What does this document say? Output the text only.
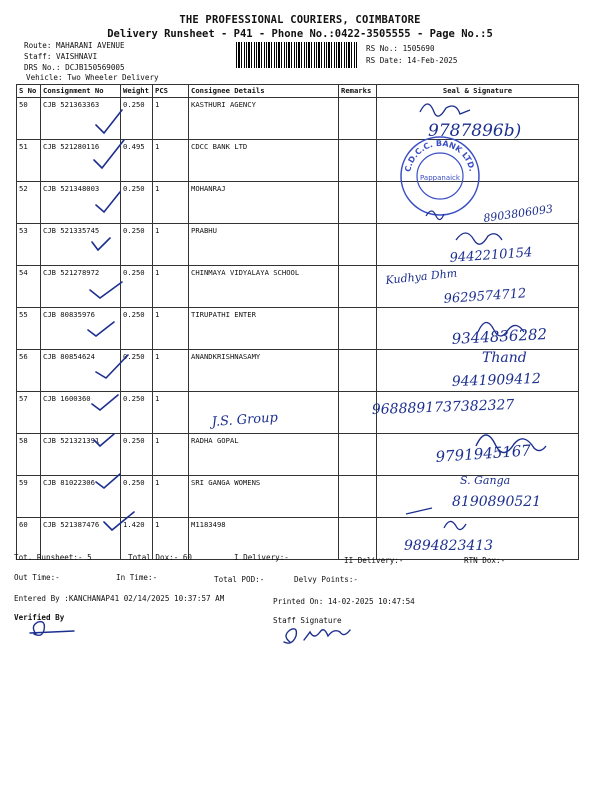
THE PROFESSIONAL COURIERS, COIMBATORE
Delivery Runsheet - P41 - Phone No.:0422-3505555 - Page No.:5
Route: MAHARANI AVENUE
Staff: VAISHNAVI
DRS No.: DCJB150569005
Vehicle: Two Wheeler Delivery
RS No.: 1505690
RS Date: 14-Feb-2025
S No	Consignment No	Weight	PCS	Consignee Details	Remarks	Seal & Signature
50	CJB 521363363	0.250	1	KASTHURI AGENCY		
51	CJB 521280116	0.495	1	CDCC BANK LTD		
52	CJB 521348003	0.250	1	MOHANRAJ		
53	CJB 521335745	0.250	1	PRABHU		
54	CJB 521278972	0.250	1	CHINMAYA VIDYALAYA SCHOOL		
55	CJB 80835976	0.250	1	TIRUPATHI ENTER		
56	CJB 80854624	0.250	1	ANANDKRISHNASAMY		
57	CJB 1600360	0.250	1			
58	CJB 521321391	0.250	1	RADHA GOPAL		
59	CJB 81022306	0.250	1	SRI GANGA WOMENS		
60	CJB 521387476	1.420	1	M1183498		
C.D.C.C. BANK LTD.
Pappanaick
9787896b)
8903806093
9442210154
Kudhya Dhm
9629574712
9344836282
Thand
9441909412
9688891737382327
J.S. Group
9791945167
S. Ganga
8190890521
9894823413
Tot. Runsheet:- 5	Total Dox:- 60	I Delivery:-	II Delivery:-	RTN Dox:-
Out Time:-	In Time:-	Total POD:-	Delvy Points:-
Entered By :KANCHANAP41 02/14/2025 10:37:57 AM	Printed On: 14-02-2025 10:47:54
Verified By	Staff Signature
